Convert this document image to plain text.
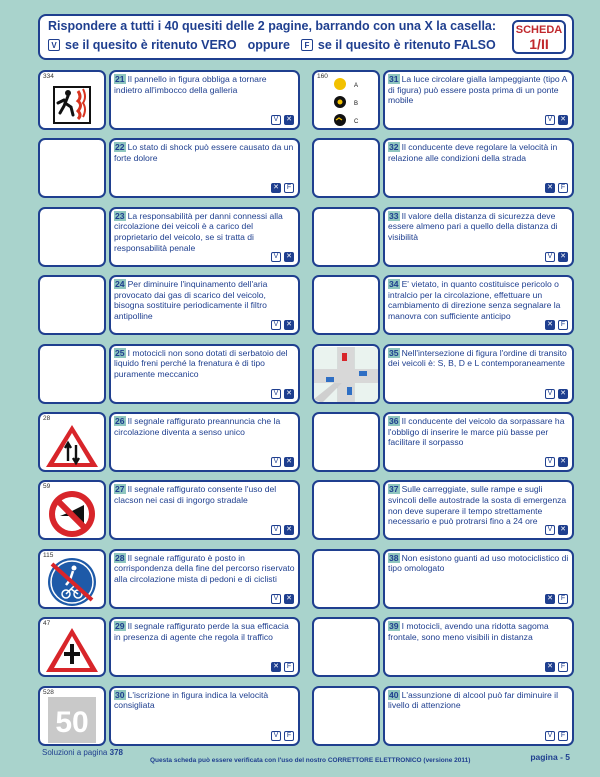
Rispondere a tutti i 40 quesiti delle 2 pagine, barrando con una X la casella:
V se il quesito è ritenuto VERO oppure	F se il quesito è ritenuto FALSO
SCHEDA
1/II
334	21 Il pannello in figura obbliga a tornare indietro all'imbocco della galleria
V	✕
22 Lo stato di shock può essere causato da un forte dolore
✕	F
23 La responsabilità per danni connessi alla circolazione dei veicoli è a carico del proprietario del veicolo, se si tratta di responsabilità penale
V	✕
24 Per diminuire l'inquinamento dell'aria provocato dai gas di scarico del veicolo, bisogna sostituire periodicamente il filtro antipolline
V	✕
25 I motocicli non sono dotati di serbatoio del liquido freni perché la frenatura è di tipo puramente meccanico
V	✕
28	26 Il segnale raffigurato preannuncia che la circolazione diventa a senso unico
V	✕
59	27 Il segnale raffigurato consente l'uso del clacson nei casi di ingorgo stradale
V	✕
115	28 Il segnale raffigurato è posto in corrispondenza della fine del percorso riservato alla circolazione mista di pedoni e di ciclisti
V	✕
47	29 Il segnale raffigurato perde la sua efficacia in presenza di agente che regola il traffico
✕	F
528
50
30 L'iscrizione in figura indica la velocità consigliata
V	F
160
A
B
C
31 La luce circolare gialla lampeggiante (tipo A di figura) può essere posta prima di un ponte mobile
V	✕
32 Il conducente deve regolare la velocità in relazione alle condizioni della strada
✕	F
33 Il valore della distanza di sicurezza deve essere almeno pari a quello della distanza di visibilità
V	✕
34 E' vietato, in quanto costituisce pericolo o intralcio per la circolazione, effettuare un cambiamento di direzione senza segnalare la manovra con sufficiente anticipo
✕	F
35 Nell'intersezione di figura l'ordine di transito dei veicoli è: S, B, D e L contemporaneamente
V	✕
36 Il conducente del veicolo da sorpassare ha l'obbligo di inserire le marce più basse per facilitare il sorpasso
V	✕
37 Sulle carreggiate, sulle rampe e sugli svincoli delle autostrade la sosta di emergenza non deve superare il tempo strettamente necessario e può protrarsi fino a 24 ore
V	✕
38 Non esistono guanti ad uso motociclistico di tipo omologato
✕	F
39 I motocicli, avendo una ridotta sagoma frontale, sono meno visibili in distanza
✕	F
40 L'assunzione di alcool può far diminuire il livello di attenzione
V	F
Soluzioni a pagina 378
Questa scheda può essere verificata con l'uso del nostro CORRETTORE ELETTRONICO (versione 2011)	pagina - 5
